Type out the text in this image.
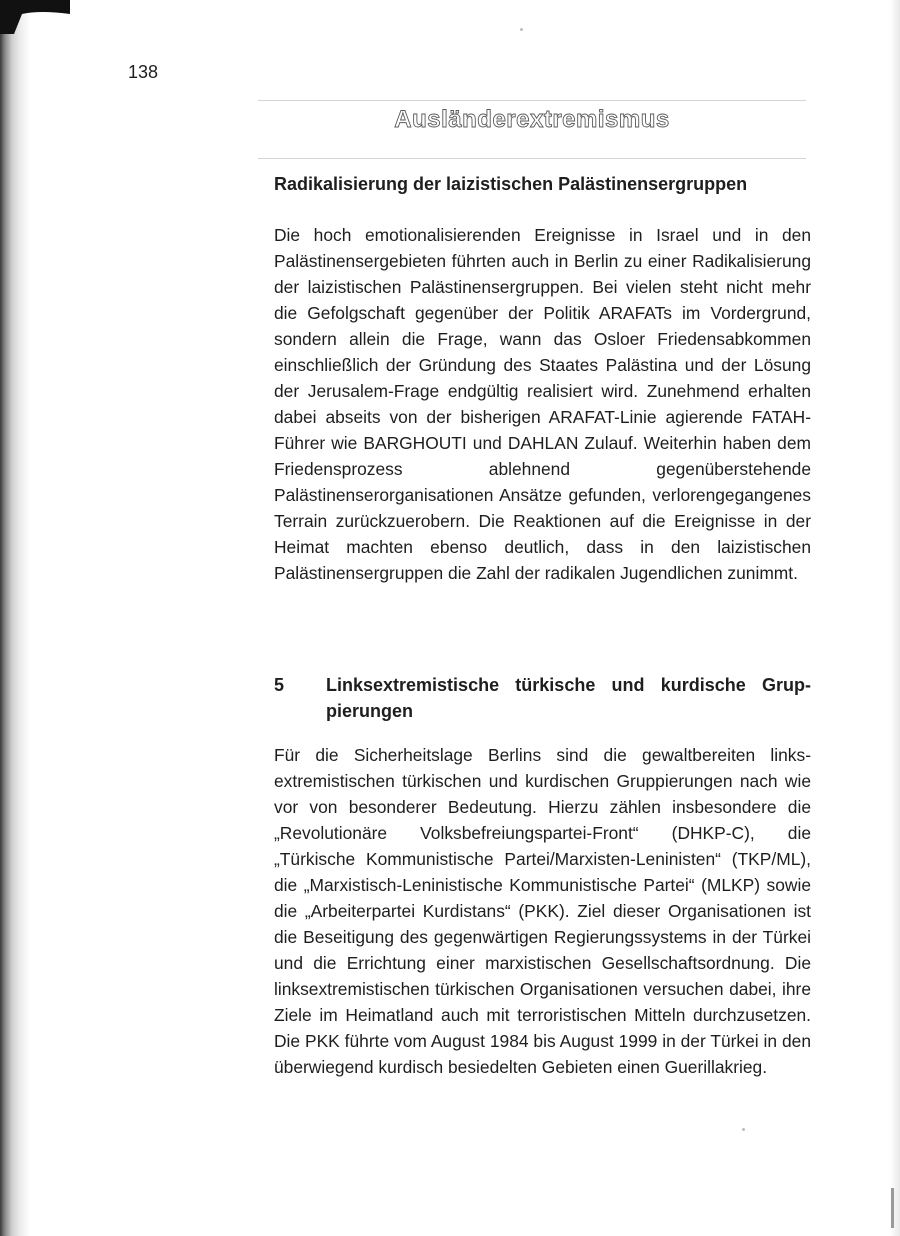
138
Ausländerextremismus
Radikalisierung der laizistischen Palästinensergruppen

Die hoch emotionalisierenden Ereignisse in Israel und in den Palästinensergebieten führten auch in Berlin zu einer Radikalisierung der laizistischen Palästinensergruppen. Bei vielen steht nicht mehr die Gefolgschaft gegenüber der Politik ARAFATs im Vordergrund, sondern allein die Frage, wann das Osloer Friedensabkommen einschließlich der Gründung des Staates Palästina und der Lösung der Jerusalem-Frage endgültig realisiert wird. Zunehmend erhalten dabei abseits von der bisherigen ARAFAT-Linie agierende FATAH-Führer wie BARGHOUTI und DAHLAN Zulauf. Weiterhin haben dem Friedensprozess ablehnend gegenüberstehende Palästinenserorganisationen Ansätze gefunden, verlorengegangenes Terrain zurückzuerobern. Die Reaktionen auf die Ereignisse in der Heimat machten ebenso deutlich, dass in den laizistischen Palästinensergruppen die Zahl der radikalen Jugendlichen zunimmt.

5	Linksextremistische türkische und kurdische Gruppierungen

Für die Sicherheitslage Berlins sind die gewaltbereiten linksextremistischen türkischen und kurdischen Gruppierungen nach wie vor von besonderer Bedeutung. Hierzu zählen insbesondere die „Revolutionäre Volksbefreiungspartei-Front“ (DHKP-C), die „Türkische Kommunistische Partei/Marxisten-Leninisten“ (TKP/ML), die „Marxistisch-Leninistische Kommunistische Partei“ (MLKP) sowie die „Arbeiterpartei Kurdistans“ (PKK). Ziel dieser Organisationen ist die Beseitigung des gegenwärtigen Regierungssystems in der Türkei und die Errichtung einer marxistischen Gesellschaftsordnung. Die linksextremistischen türkischen Organisationen versuchen dabei, ihre Ziele im Heimatland auch mit terroristischen Mitteln durchzusetzen. Die PKK führte vom August 1984 bis August 1999 in der Türkei in den überwiegend kurdisch besiedelten Gebieten einen Guerillakrieg.
